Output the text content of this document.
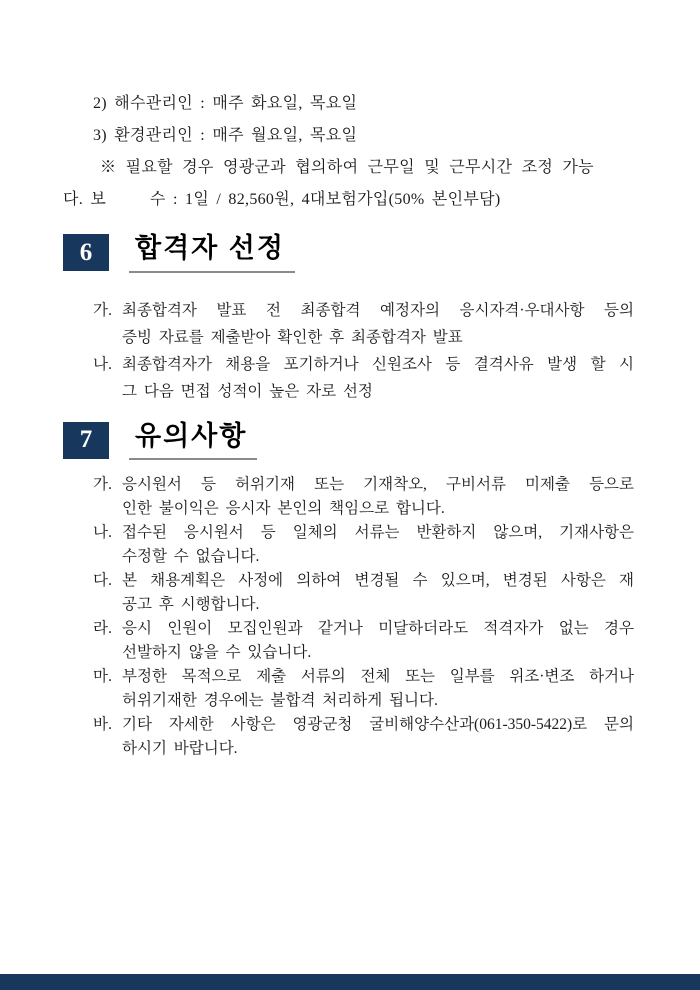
2) 해수관리인 : 매주 화요일, 목요일
3) 환경관리인 : 매주 월요일, 목요일
※ 필요할 경우 영광군과 협의하여 근무일 및 근무시간 조정 가능
다. 보      수 : 1일 / 82,560원, 4대보험가입(50% 본인부담)
6 합격자 선정
가. 최종합격자 발표 전 최종합격 예정자의 응시자격·우대사항 등의
증빙 자료를 제출받아 확인한 후 최종합격자 발표
나. 최종합격자가 채용을 포기하거나 신원조사 등 결격사유 발생 할 시
그 다음 면접 성적이 높은 자로 선정
7 유의사항
가. 응시원서 등 허위기재 또는 기재착오, 구비서류 미제출 등으로
인한 불이익은 응시자 본인의 책임으로 합니다.
나. 접수된 응시원서 등 일체의 서류는 반환하지 않으며, 기재사항은
수정할 수 없습니다.
다. 본 채용계획은 사정에 의하여 변경될 수 있으며, 변경된 사항은 재
공고 후 시행합니다.
라. 응시 인원이 모집인원과 같거나 미달하더라도 적격자가 없는 경우
선발하지 않을 수 있습니다.
마. 부정한 목적으로 제출 서류의 전체 또는 일부를 위조·변조 하거나
허위기재한 경우에는 불합격 처리하게 됩니다.
바. 기타 자세한 사항은 영광군청 굴비해양수산과(061-350-5422)로 문의
하시기 바랍니다.
